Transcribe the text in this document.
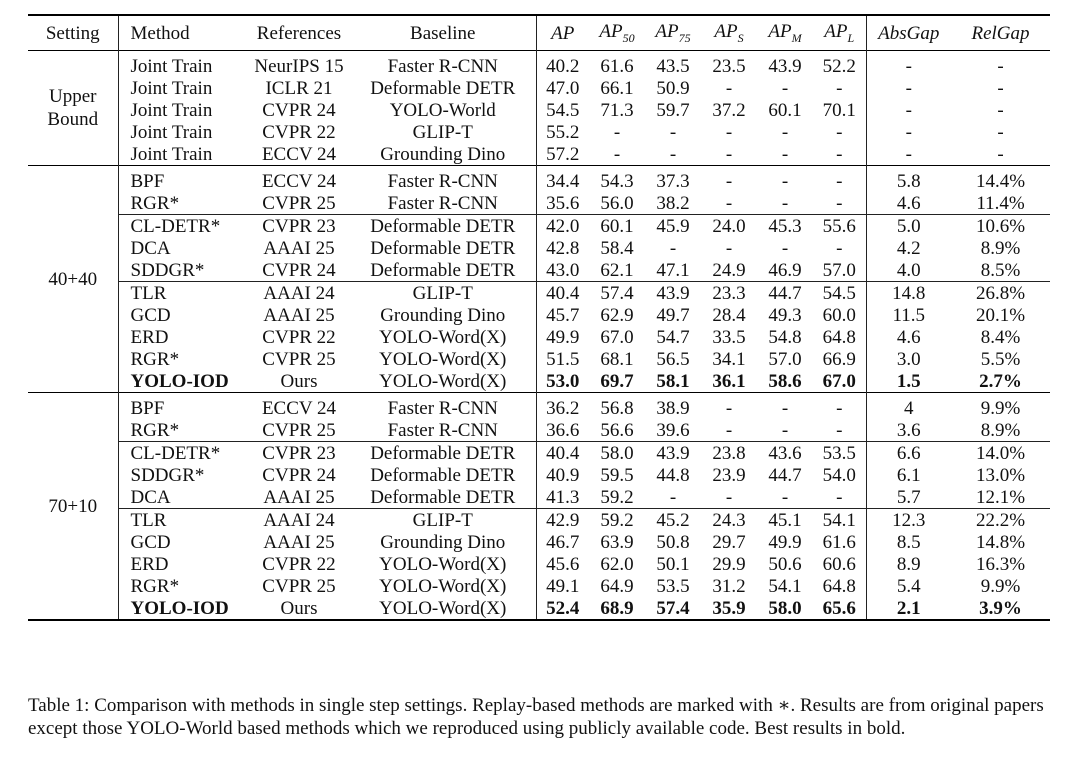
Setting	Method	References	Baseline	AP	$AP_{50}$	$AP_{75}$	$AP_S$	$AP_M$	$AP_L$	AbsGap	RelGap
Upper Bound	Joint Train	NeurIPS 15	Faster R-CNN	40.2	61.6	43.5	23.5	43.9	52.2	-	-
	Joint Train	ICLR 21	Deformable DETR	47.0	66.1	50.9	-	-	-	-	-
	Joint Train	CVPR 24	YOLO-World	54.5	71.3	59.7	37.2	60.1	70.1	-	-
	Joint Train	CVPR 22	GLIP-T	55.2	-	-	-	-	-	-	-
	Joint Train	ECCV 24	Grounding Dino	57.2	-	-	-	-	-	-	-
40+40	BPF	ECCV 24	Faster R-CNN	34.4	54.3	37.3	-	-	-	5.8	14.4%
	RGR*	CVPR 25	Faster R-CNN	35.6	56.0	38.2	-	-	-	4.6	11.4%
	CL-DETR*	CVPR 23	Deformable DETR	42.0	60.1	45.9	24.0	45.3	55.6	5.0	10.6%
	DCA	AAAI 25	Deformable DETR	42.8	58.4	-	-	-	-	4.2	8.9%
	SDDGR*	CVPR 24	Deformable DETR	43.0	62.1	47.1	24.9	46.9	57.0	4.0	8.5%
	TLR	AAAI 24	GLIP-T	40.4	57.4	43.9	23.3	44.7	54.5	14.8	26.8%
	GCD	AAAI 25	Grounding Dino	45.7	62.9	49.7	28.4	49.3	60.0	11.5	20.1%
	ERD	CVPR 22	YOLO-Word(X)	49.9	67.0	54.7	33.5	54.8	64.8	4.6	8.4%
	RGR*	CVPR 25	YOLO-Word(X)	51.5	68.1	56.5	34.1	57.0	66.9	3.0	5.5%
	YOLO-IOD	Ours	YOLO-Word(X)	53.0	69.7	58.1	36.1	58.6	67.0	1.5	2.7%
70+10	BPF	ECCV 24	Faster R-CNN	36.2	56.8	38.9	-	-	-	4	9.9%
	RGR*	CVPR 25	Faster R-CNN	36.6	56.6	39.6	-	-	-	3.6	8.9%
	CL-DETR*	CVPR 23	Deformable DETR	40.4	58.0	43.9	23.8	43.6	53.5	6.6	14.0%
	SDDGR*	CVPR 24	Deformable DETR	40.9	59.5	44.8	23.9	44.7	54.0	6.1	13.0%
	DCA	AAAI 25	Deformable DETR	41.3	59.2	-	-	-	-	5.7	12.1%
	TLR	AAAI 24	GLIP-T	42.9	59.2	45.2	24.3	45.1	54.1	12.3	22.2%
	GCD	AAAI 25	Grounding Dino	46.7	63.9	50.8	29.7	49.9	61.6	8.5	14.8%
	ERD	CVPR 22	YOLO-Word(X)	45.6	62.0	50.1	29.9	50.6	60.6	8.9	16.3%
	RGR*	CVPR 25	YOLO-Word(X)	49.1	64.9	53.5	31.2	54.1	64.8	5.4	9.9%
	YOLO-IOD	Ours	YOLO-Word(X)	52.4	68.9	57.4	35.9	58.0	65.6	2.1	3.9%
Table 1: Comparison with methods in single step settings. Replay-based methods are marked with ∗. Results are from original papers except those YOLO-World based methods which we reproduced using publicly available code. Best results in bold.
